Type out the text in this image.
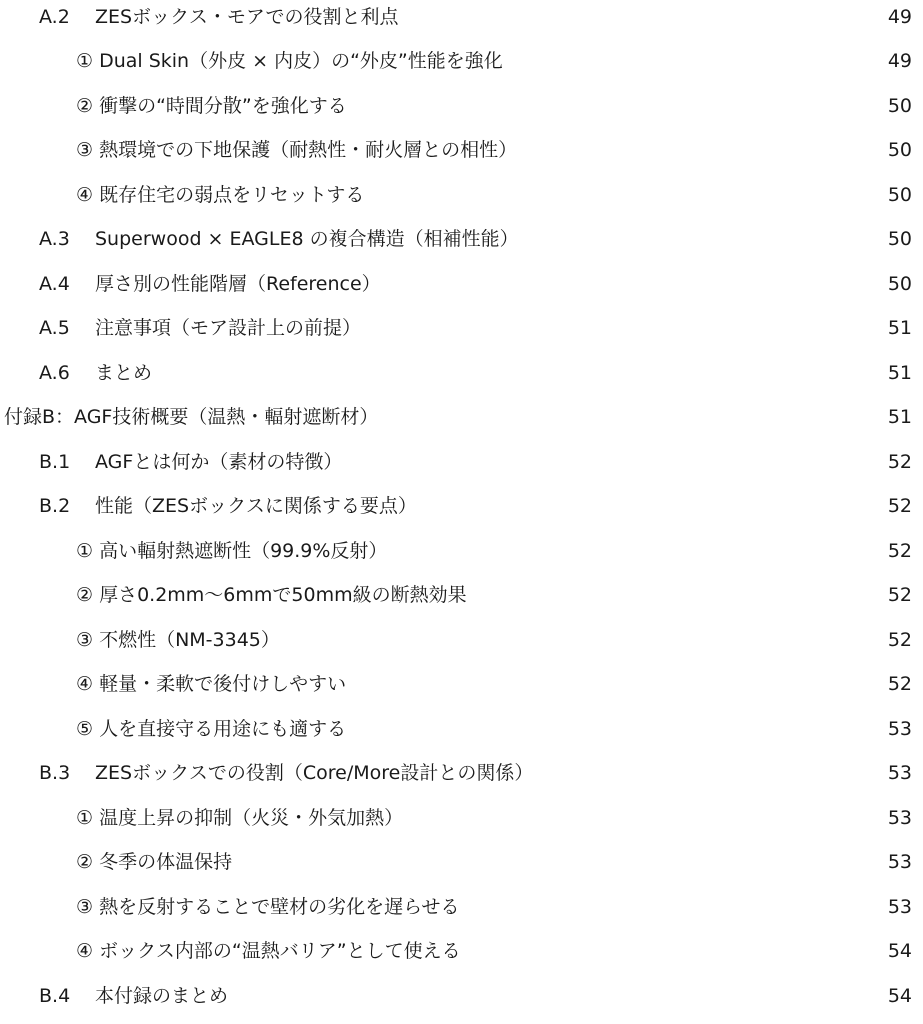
A.2	ZESボックス・モアでの役割と利点	49
① Dual Skin（外皮 × 内皮）の“外皮”性能を強化	49
② 衝撃の“時間分散”を強化する	50
③ 熱環境での下地保護（耐熱性・耐火層との相性）	50
④ 既存住宅の弱点をリセットする	50
A.3	Superwood × EAGLE8 の複合構造（相補性能）	50
A.4	厚さ別の性能階層（Reference）	50
A.5	注意事項（モア設計上の前提）	51
A.6	まとめ	51
付録B：AGF技術概要（温熱・輻射遮断材）	51
B.1	AGFとは何か（素材の特徴）	52
B.2	性能（ZESボックスに関係する要点）	52
① 高い輻射熱遮断性（99.9%反射）	52
② 厚さ0.2mm〜6mmで50mm級の断熱効果	52
③ 不燃性（NM-3345）	52
④ 軽量・柔軟で後付けしやすい	52
⑤ 人を直接守る用途にも適する	53
B.3	ZESボックスでの役割（Core/More設計との関係）	53
① 温度上昇の抑制（火災・外気加熱）	53
② 冬季の体温保持	53
③ 熱を反射することで壁材の劣化を遅らせる	53
④ ボックス内部の“温熱バリア”として使える	54
B.4	本付録のまとめ	54
